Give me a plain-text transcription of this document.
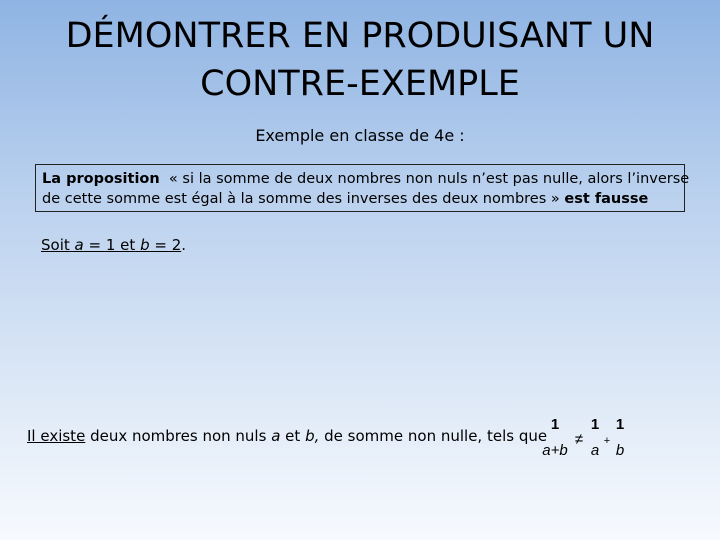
DÉMONTRER EN PRODUISANT UN
CONTRE-EXEMPLE
Exemple en classe de 4e :
La proposition « si la somme de deux nombres non nuls n’est pas nulle, alors l’inverse
de cette somme est égal à la somme des inverses des deux nombres » est fausse
Soit a = 1 et b = 2.
Il existe deux nombres non nuls a et b, de somme non nulle, tels que
1
a+b
≠
1
a
+
1
b
